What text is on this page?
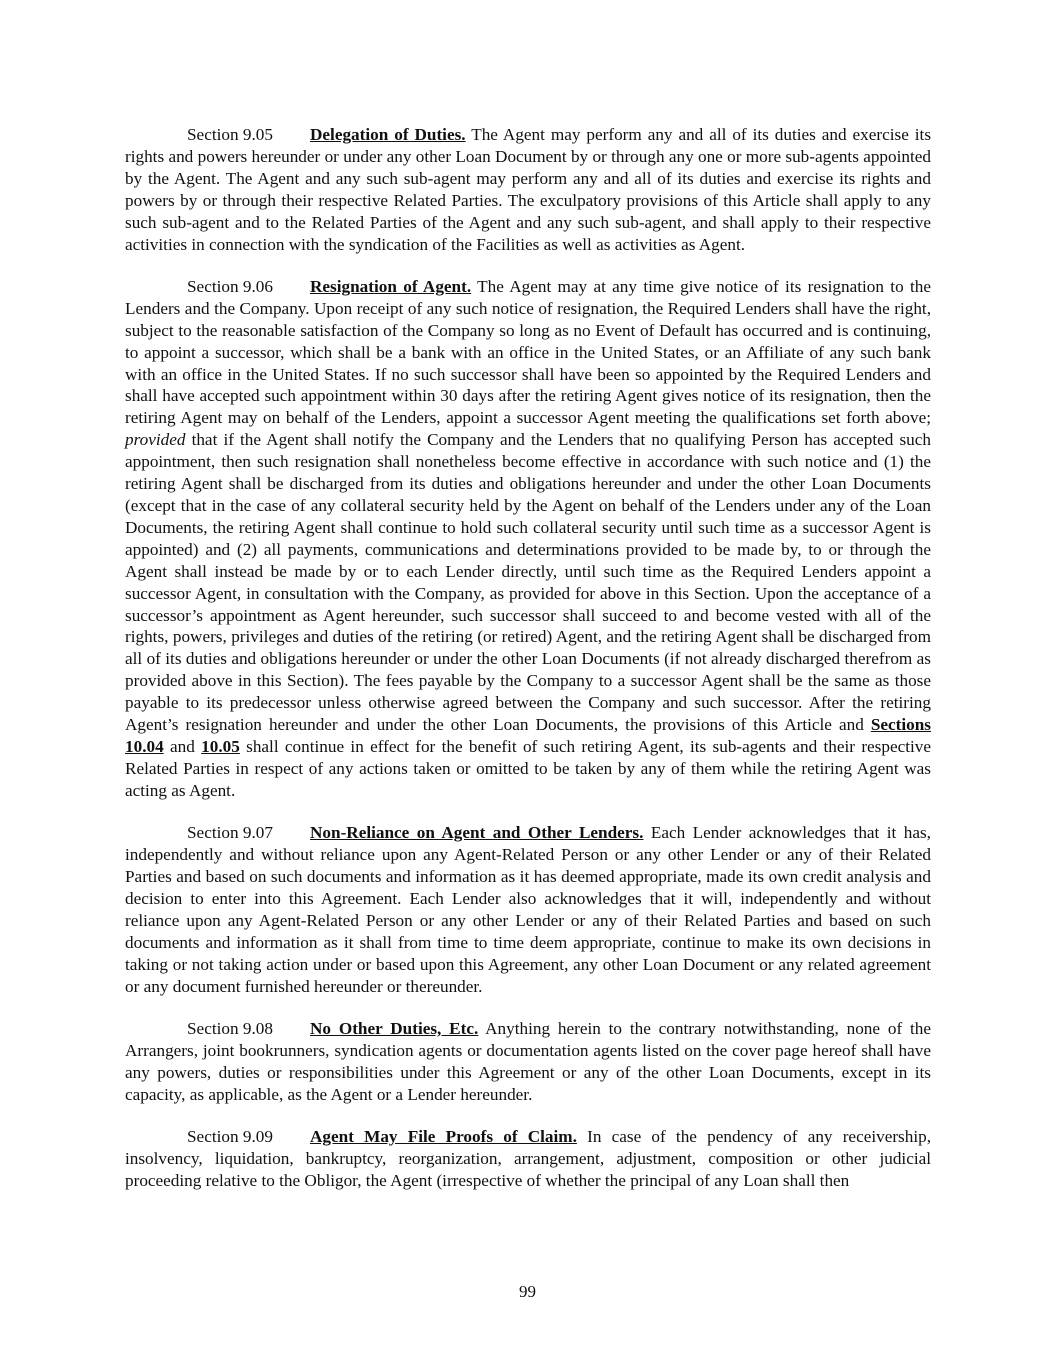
Section 9.05 Delegation of Duties. The Agent may perform any and all of its duties and exercise its rights and powers hereunder or under any other Loan Document by or through any one or more sub-agents appointed by the Agent. The Agent and any such sub-agent may perform any and all of its duties and exercise its rights and powers by or through their respective Related Parties. The exculpatory provisions of this Article shall apply to any such sub-agent and to the Related Parties of the Agent and any such sub-agent, and shall apply to their respective activities in connection with the syndication of the Facilities as well as activities as Agent.

Section 9.06 Resignation of Agent. The Agent may at any time give notice of its resignation to the Lenders and the Company. Upon receipt of any such notice of resignation, the Required Lenders shall have the right, subject to the reasonable satisfaction of the Company so long as no Event of Default has occurred and is continuing, to appoint a successor, which shall be a bank with an office in the United States, or an Affiliate of any such bank with an office in the United States. If no such successor shall have been so appointed by the Required Lenders and shall have accepted such appointment within 30 days after the retiring Agent gives notice of its resignation, then the retiring Agent may on behalf of the Lenders, appoint a successor Agent meeting the qualifications set forth above; provided that if the Agent shall notify the Company and the Lenders that no qualifying Person has accepted such appointment, then such resignation shall nonetheless become effective in accordance with such notice and (1) the retiring Agent shall be discharged from its duties and obligations hereunder and under the other Loan Documents (except that in the case of any collateral security held by the Agent on behalf of the Lenders under any of the Loan Documents, the retiring Agent shall continue to hold such collateral security until such time as a successor Agent is appointed) and (2) all payments, communications and determinations provided to be made by, to or through the Agent shall instead be made by or to each Lender directly, until such time as the Required Lenders appoint a successor Agent, in consultation with the Company, as provided for above in this Section. Upon the acceptance of a successor’s appointment as Agent hereunder, such successor shall succeed to and become vested with all of the rights, powers, privileges and duties of the retiring (or retired) Agent, and the retiring Agent shall be discharged from all of its duties and obligations hereunder or under the other Loan Documents (if not already discharged therefrom as provided above in this Section). The fees payable by the Company to a successor Agent shall be the same as those payable to its predecessor unless otherwise agreed between the Company and such successor. After the retiring Agent’s resignation hereunder and under the other Loan Documents, the provisions of this Article and Sections 10.04 and 10.05 shall continue in effect for the benefit of such retiring Agent, its sub-agents and their respective Related Parties in respect of any actions taken or omitted to be taken by any of them while the retiring Agent was acting as Agent.

Section 9.07 Non-Reliance on Agent and Other Lenders. Each Lender acknowledges that it has, independently and without reliance upon any Agent-Related Person or any other Lender or any of their Related Parties and based on such documents and information as it has deemed appropriate, made its own credit analysis and decision to enter into this Agreement. Each Lender also acknowledges that it will, independently and without reliance upon any Agent-Related Person or any other Lender or any of their Related Parties and based on such documents and information as it shall from time to time deem appropriate, continue to make its own decisions in taking or not taking action under or based upon this Agreement, any other Loan Document or any related agreement or any document furnished hereunder or thereunder.

Section 9.08 No Other Duties, Etc. Anything herein to the contrary notwithstanding, none of the Arrangers, joint bookrunners, syndication agents or documentation agents listed on the cover page hereof shall have any powers, duties or responsibilities under this Agreement or any of the other Loan Documents, except in its capacity, as applicable, as the Agent or a Lender hereunder.

Section 9.09 Agent May File Proofs of Claim. In case of the pendency of any receivership, insolvency, liquidation, bankruptcy, reorganization, arrangement, adjustment, composition or other judicial proceeding relative to the Obligor, the Agent (irrespective of whether the principal of any Loan shall then

99
